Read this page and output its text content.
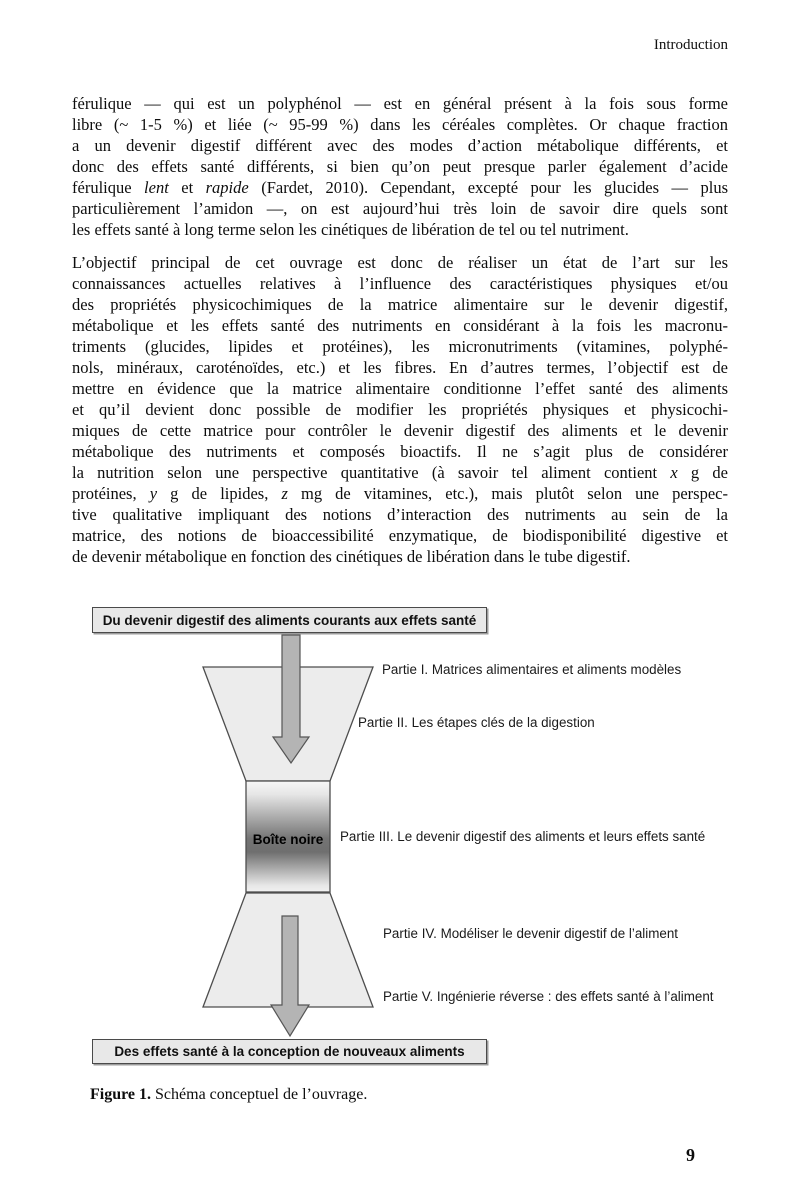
Introduction
férulique — qui est un polyphénol — est en général présent à la fois sous forme
libre (~ 1-5 %) et liée (~ 95-99 %) dans les céréales complètes. Or chaque fraction
a un devenir digestif différent avec des modes d’action métabolique différents, et
donc des effets santé différents, si bien qu’on peut presque parler également d’acide
férulique lent et rapide (Fardet, 2010). Cependant, excepté pour les glucides — plus
particulièrement l’amidon —, on est aujourd’hui très loin de savoir dire quels sont
les effets santé à long terme selon les cinétiques de libération de tel ou tel nutriment.
L’objectif principal de cet ouvrage est donc de réaliser un état de l’art sur les
connaissances actuelles relatives à l’influence des caractéristiques physiques et/ou
des propriétés physicochimiques de la matrice alimentaire sur le devenir digestif,
métabolique et les effets santé des nutriments en considérant à la fois les macronu-
triments (glucides, lipides et protéines), les micronutriments (vitamines, polyphé-
nols, minéraux, caroténoïdes, etc.) et les fibres. En d’autres termes, l’objectif est de
mettre en évidence que la matrice alimentaire conditionne l’effet santé des aliments
et qu’il devient donc possible de modifier les propriétés physiques et physicochi-
miques de cette matrice pour contrôler le devenir digestif des aliments et le devenir
métabolique des nutriments et composés bioactifs. Il ne s’agit plus de considérer
la nutrition selon une perspective quantitative (à savoir tel aliment contient x g de
protéines, y g de lipides, z mg de vitamines, etc.), mais plutôt selon une perspec-
tive qualitative impliquant des notions d’interaction des nutriments au sein de la
matrice, des notions de bioaccessibilité enzymatique, de biodisponibilité digestive et
de devenir métabolique en fonction des cinétiques de libération dans le tube digestif.
Du devenir digestif des aliments courants aux effets santé
Boîte noire
Partie I. Matrices alimentaires et aliments modèles
Partie II. Les étapes clés de la digestion
Partie III. Le devenir digestif des aliments et leurs effets santé
Partie IV. Modéliser le devenir digestif de l’aliment
Partie V. Ingénierie réverse : des effets santé à l’aliment
Des effets santé à la conception de nouveaux aliments
Figure 1. Schéma conceptuel de l’ouvrage.
9
